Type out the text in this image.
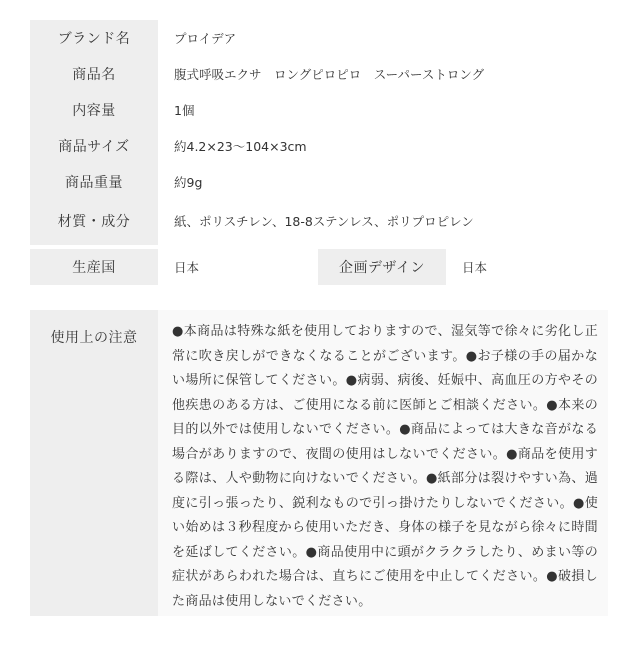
ブランド名	プロイデア
商品名	腹式呼吸エクサ　ロングピロピロ　スーパーストロング
内容量	1個
商品サイズ	約4.2×23〜104×3cm
商品重量	約9g
材質・成分	紙、ポリスチレン、18-8ステンレス、ポリプロピレン
生産国	日本	企画デザイン	日本
使用上の注意	●本商品は特殊な紙を使用しておりますので、湿気等で徐々に劣化し正常に吹き戻しができなくなることがございます。●お子様の手の届かない場所に保管してください。●病弱、病後、妊娠中、高血圧の方やその他疾患のある方は、ご使用になる前に医師とご相談ください。●本来の目的以外では使用しないでください。●商品によっては大きな音がなる場合がありますので、夜間の使用はしないでください。●商品を使用する際は、人や動物に向けないでください。●紙部分は裂けやすい為、過度に引っ張ったり、鋭利なもので引っ掛けたりしないでください。●使い始めは３秒程度から使用いただき、身体の様子を見ながら徐々に時間を延ばしてください。●商品使用中に頭がクラクラしたり、めまい等の症状があらわれた場合は、直ちにご使用を中止してください。●破損した商品は使用しないでください。
